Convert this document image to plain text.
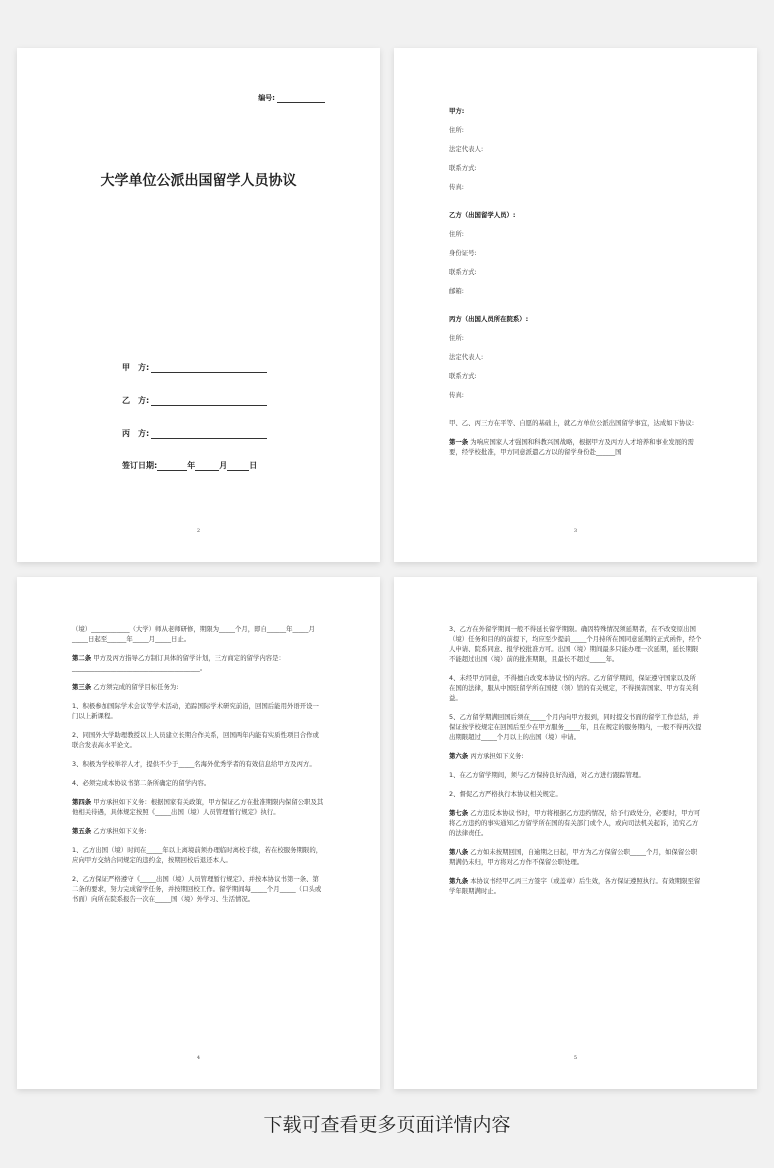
编号:
大学单位公派出国留学人员协议
甲　方:
乙　方:
丙　方:
签订日期:	年	月	日
2

甲方:

住所:

法定代表人:

联系方式:

传真:

乙方（出国留学人员）:

住所:

身份证号:

联系方式:

邮箱:

丙方（出国人员所在院系）:

住所:

法定代表人:

联系方式:

传真:

甲、乙、丙三方在平等、自愿的基础上，就乙方单位公派出国留学事宜，达成如下协议:

第一条 为响应国家人才强国和科教兴国战略，根据甲方及丙方人才培养和事业发展的需要，经学校批准，甲方同意派遣乙方以的留学身份赴______国

3

（境）____________（大学）师从老师研修，期限为_____个月，即自______年_____月_____日起至______年_____月_____日止。

第二条 甲方及丙方指导乙方制订具体的留学计划，三方商定的留学内容是：________________________________________。

第三条 乙方须完成的留学目标任务为:

1、积极参加国际学术会议等学术活动，追踪国际学术研究前沿，回国后能用外语开设一门以上新课程。

2、同国外大学助理教授以上人员建立长期合作关系，回国两年内能有实质性项目合作或联合发表高水平论文。

3、积极为学校举荐人才，提供不少于_____名海外优秀学者的有效信息给甲方及丙方。

4、必须完成本协议书第二条所确定的留学内容。

第四条 甲方承担如下义务：根据国家有关政策，甲方保证乙方在批准期限内保留公职及其他相关待遇，具体规定按照《_____出国（境）人员管理暂行规定》执行。

第五条 乙方承担如下义务:

1、乙方出国（境）时间在_____年以上离境前须办理临时离校手续，若在校服务期限的，应向甲方交纳合同规定的违约金，按期回校后退还本人。

2、乙方保证严格遵守《_____出国（境）人员管理暂行规定》、并按本协议书第一条、第二条的要求，努力完成留学任务，并按期回校工作。留学期间每_____个月_____（口头或书面）向所在院系报告一次在_____国（境）外学习、生活情况。

4

3、乙方在外留学期间一般不得延长留学期限。确因特殊情况须延期者，在不改变原出国（境）任务和目的的前提下，均应至少提前_____个月持所在国同意延期的正式函件，经个人申请、院系同意、报学校批准方可。出国（境）期间最多只能办理一次延期，延长期限不能超过出国（境）前的批准期限，且最长不超过_____年。

4、未经甲方同意，不得擅自改变本协议书的内容。乙方留学期间，保证遵守国家以及所在国的法律，服从中国驻留学所在国使（领）馆的有关规定，不得损害国家、甲方有关利益。

5、乙方留学期满回国后须在_____个月内向甲方报到，同时提交书面的留学工作总结，并保证按学校规定在回国后至少在甲方服务_____年，且在规定的服务期内，一般不得再次提出期限超过_____个月以上的出国（境）申请。

第六条 丙方承担如下义务:

1、在乙方留学期间，须与乙方保持良好沟通，对乙方进行跟踪管理。

2、督促乙方严格执行本协议相关规定。

第七条 乙方违反本协议书时，甲方将根据乙方违约情况，给予行政处分，必要时，甲方可将乙方违约的事实通知乙方留学所在国的有关部门或个人，或向司法机关起诉，追究乙方的法律责任。

第八条 乙方如未按期回国，自逾期之日起，甲方为乙方保留公职_____个月，如保留公职期满仍未归，甲方将对乙方作不保留公职处理。

第九条 本协议书经甲乙丙三方签字（或盖章）后生效，各方保证遵照执行。有效期限至留学年限期满时止。

5
下载可查看更多页面详情内容
